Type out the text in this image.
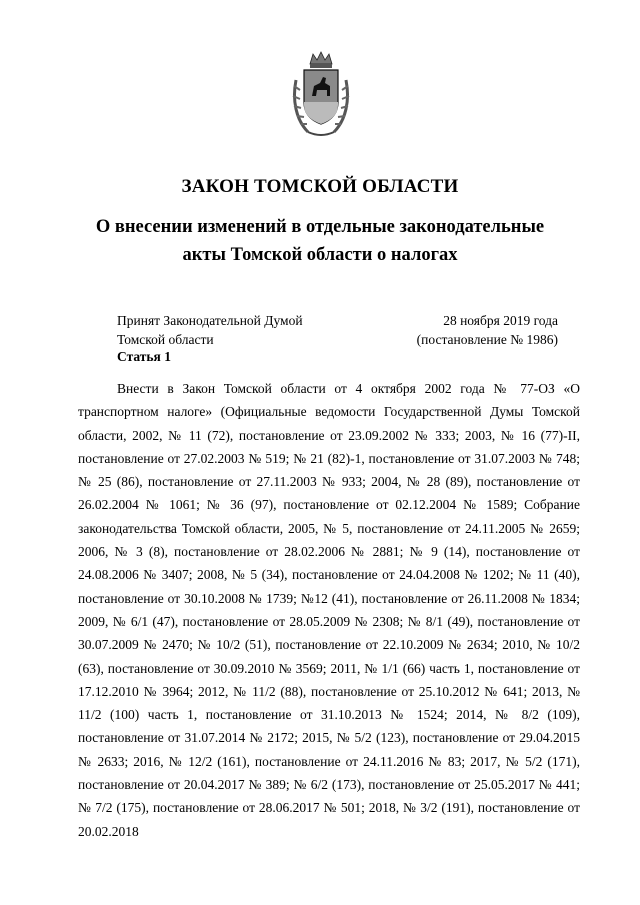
ЗАКОН ТОМСКОЙ ОБЛАСТИ
О внесении изменений в отдельные законодательные
акты Томской области о налогах
Принят Законодательной Думой
Томской области
28 ноября 2019 года
(постановление № 1986)
Статья 1

Внести в Закон Томской области от 4 октября 2002 года № 77-ОЗ «О транспортном налоге» (Официальные ведомости Государственной Думы Томской области, 2002, № 11 (72), постановление от 23.09.2002 № 333; 2003, № 16 (77)-II, постановление от 27.02.2003 № 519; № 21 (82)-1, постановление от 31.07.2003 № 748; № 25 (86), постановление от 27.11.2003 № 933; 2004, № 28 (89), постановление от 26.02.2004 № 1061; № 36 (97), постановление от 02.12.2004 № 1589; Собрание законодательства Томской области, 2005, № 5, постановление от 24.11.2005 № 2659; 2006, № 3 (8), постановление от 28.02.2006 № 2881; № 9 (14), постановление от 24.08.2006 № 3407; 2008, № 5 (34), постановление от 24.04.2008 № 1202; № 11 (40), постановление от 30.10.2008 № 1739; №12 (41), постановление от 26.11.2008 № 1834; 2009, № 6/1 (47), постановление от 28.05.2009 № 2308; № 8/1 (49), постановление от 30.07.2009 № 2470; № 10/2 (51), постановление от 22.10.2009 № 2634; 2010, № 10/2 (63), постановление от 30.09.2010 № 3569; 2011, № 1/1 (66) часть 1, постановление от 17.12.2010 № 3964; 2012, № 11/2 (88), постановление от 25.10.2012 № 641; 2013, № 11/2 (100) часть 1, постановление от 31.10.2013 № 1524; 2014, № 8/2 (109), постановление от 31.07.2014 № 2172; 2015, № 5/2 (123), постановление от 29.04.2015 № 2633; 2016, № 12/2 (161), постановление от 24.11.2016 № 83; 2017, № 5/2 (171), постановление от 20.04.2017 № 389; № 6/2 (173), постановление от 25.05.2017 № 441; № 7/2 (175), постановление от 28.06.2017 № 501; 2018, № 3/2 (191), постановление от 20.02.2018
